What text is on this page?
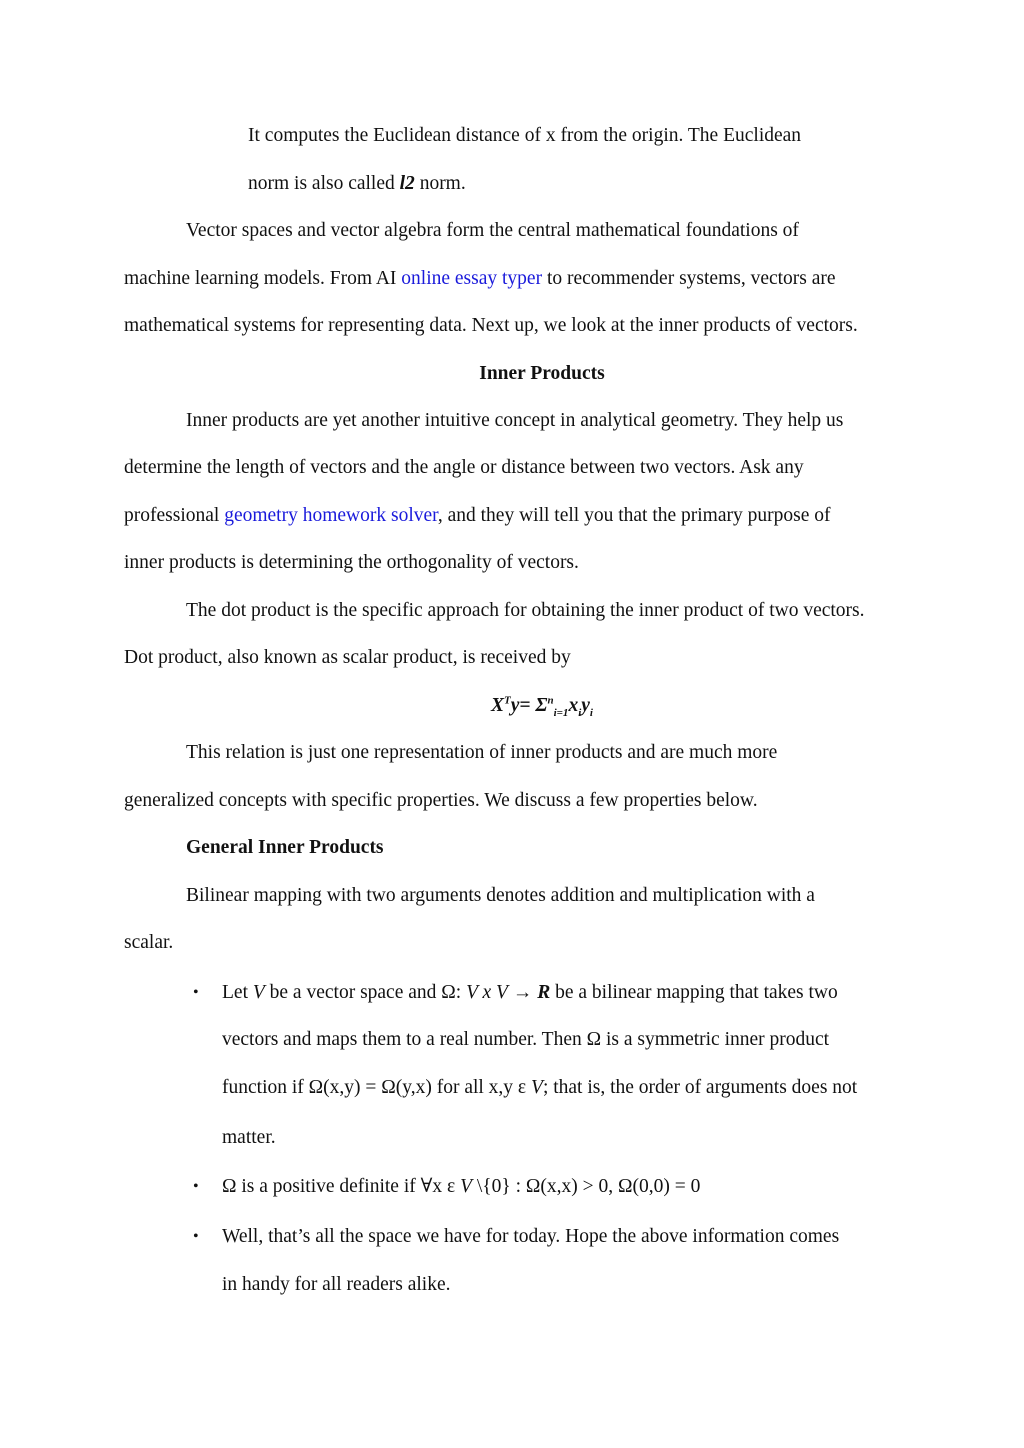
It computes the Euclidean distance of x from the origin. The Euclidean

norm is also called l2 norm.

Vector spaces and vector algebra form the central mathematical foundations of

machine learning models. From AI online essay typer to recommender systems, vectors are

mathematical systems for representing data. Next up, we look at the inner products of vectors.

Inner Products

Inner products are yet another intuitive concept in analytical geometry. They help us

determine the length of vectors and the angle or distance between two vectors. Ask any

professional geometry homework solver, and they will tell you that the primary purpose of

inner products is determining the orthogonality of vectors.

The dot product is the specific approach for obtaining the inner product of two vectors.

Dot product, also known as scalar product, is received by

$X^Ty= \Sigma^n_{i=1}x_iy_i$

This relation is just one representation of inner products and are much more

generalized concepts with specific properties. We discuss a few properties below.

General Inner Products

Bilinear mapping with two arguments denotes addition and multiplication with a

scalar.

• Let V be a vector space and Ω: V x V → R be a bilinear mapping that takes two

vectors and maps them to a real number. Then Ω is a symmetric inner product

function if Ω(x,y) = Ω(y,x) for all x,y ε V; that is, the order of arguments does not

matter.

• Ω is a positive definite if ∀x ε V \{0} : Ω(x,x) > 0, Ω(0,0) = 0

• Well, that’s all the space we have for today. Hope the above information comes

in handy for all readers alike.
